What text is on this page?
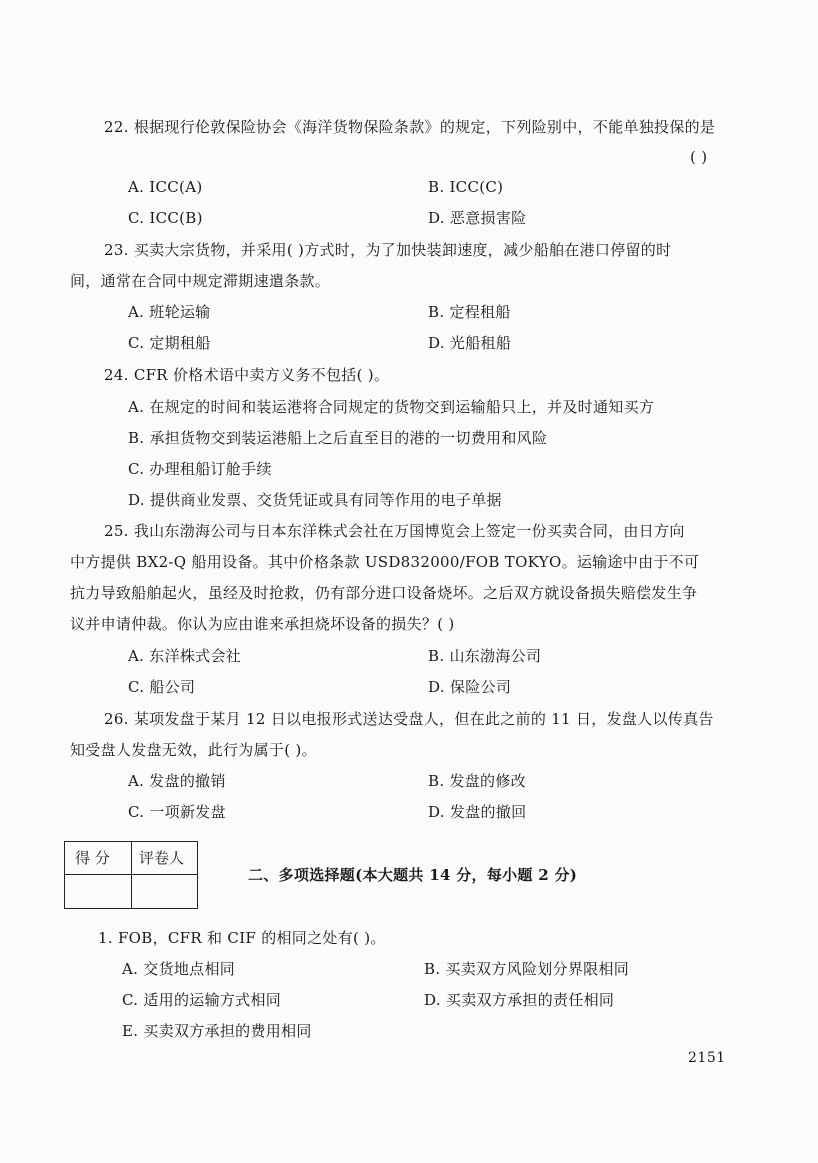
22. 根据现行伦敦保险协会《海洋货物保险条款》的规定，下列险别中，不能单独投保的是
( )
A. ICC(A)	B. ICC(C)
C. ICC(B)	D. 恶意损害险
23. 买卖大宗货物，并采用( )方式时，为了加快装卸速度，减少船舶在港口停留的时
间，通常在合同中规定滞期速遣条款。
A. 班轮运输	B. 定程租船
C. 定期租船	D. 光船租船
24. CFR 价格术语中卖方义务不包括( )。
A. 在规定的时间和装运港将合同规定的货物交到运输船只上，并及时通知买方
B. 承担货物交到装运港船上之后直至目的港的一切费用和风险
C. 办理租船订舱手续
D. 提供商业发票、交货凭证或具有同等作用的电子单据
25. 我山东渤海公司与日本东洋株式会社在万国博览会上签定一份买卖合同，由日方向
中方提供 BX2-Q 船用设备。其中价格条款 USD832000/FOB TOKYO。运输途中由于不可
抗力导致船舶起火，虽经及时抢救，仍有部分进口设备烧坏。之后双方就设备损失赔偿发生争
议并申请仲裁。你认为应由谁来承担烧坏设备的损失？( )
A. 东洋株式会社	B. 山东渤海公司
C. 船公司	D. 保险公司
26. 某项发盘于某月 12 日以电报形式送达受盘人，但在此之前的 11 日，发盘人以传真告
知受盘人发盘无效，此行为属于( )。
A. 发盘的撤销	B. 发盘的修改
C. 一项新发盘	D. 发盘的撤回
得 分 评卷人
二、多项选择题(本大题共 14 分，每小题 2 分)
1. FOB，CFR 和 CIF 的相同之处有( )。
A. 交货地点相同	B. 买卖双方风险划分界限相同
C. 适用的运输方式相同	D. 买卖双方承担的责任相同
E. 买卖双方承担的费用相同
2151
